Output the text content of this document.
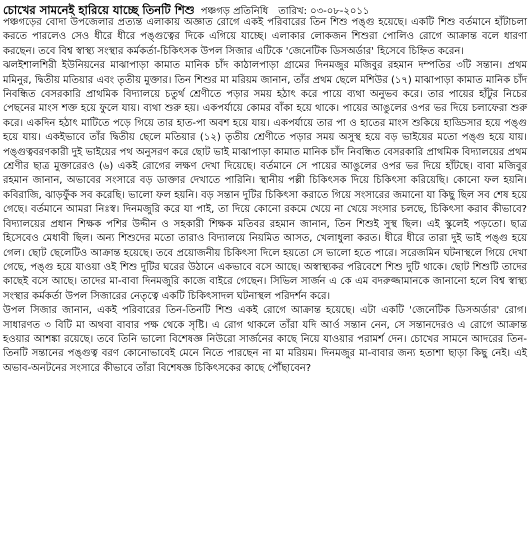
চোখের সামনেই হারিয়ে যাচ্ছে তিনটি শিশু পঞ্চগড় প্রতিনিধি তারিখ: ০৩-০৮-২০১১

পঞ্চগড়ের বোদা উপজেলার প্রত্যন্ত এলাকায় অজ্ঞাত রোগে একই পরিবারের তিন শিশু পঙ্গু হয়েছে। একটি শিশু বর্তমানে হাঁটাচলা করতে পারলেও সেও ধীরে ধীরে পঙ্গুত্বের দিকে এগিয়ে যাচ্ছে। এলাকার লোকজন শিশুরা পোলিও রোগে আক্রান্ত বলে ধারণা করছেন। তবে বিশ্ব স্বাস্থ্য সংস্থার কর্মকর্তা-চিকিৎসক উপল সিজার এটিকে 'জেনেটিক ডিসঅর্ডার' হিসেবে চিহ্নিত করেন।

ঝলইশালশিরী ইউনিয়নের মাঝাপাড়া কামাত মানিক চাঁদ কাঠালপাড়া গ্রামের দিনমজুর মজিবুর রহমান দম্পতির ৩টি সন্তান। প্রথম মমিনুর, দ্বিতীয় মতিয়ার এবং তৃতীয় মুক্তার। তিন শিশুর মা মরিয়ম জানান, তাঁর প্রথম ছেলে মশিউর (১৭) মাঝাপাড়া কামাত মানিক চাঁদ নিবন্ধিত বেসরকারি প্রাথমিক বিদ্যালয়ে চতুর্থ শ্রেণীতে পড়ার সময় হঠাৎ করে পায়ে ব্যথা অনুভব করে। তার পায়ের হাঁটুর নিচের পেছনের মাংস শক্ত হয়ে ফুলে যায়। ব্যথা শুরু হয়। একপর্যায়ে কোমর বাঁকা হয়ে থাকে। পায়ের আঙুলের ওপর ভর দিয়ে চলাফেরা শুরু করে। একদিন হঠাৎ মাটিতে পড়ে গিয়ে তার হাত-পা অবশ হয়ে যায়। একপর্যায়ে তার পা ও হাতের মাংস শুকিয়ে হাড্ডিসার হয়ে পঙ্গু হয়ে যায়। একইভাবে তাঁর দ্বিতীয় ছেলে মতিয়ার (১২) তৃতীয় শ্রেণীতে পড়ার সময় অসুস্থ হয়ে বড় ভাইয়ের মতো পঙ্গু হয়ে যায়। পঙ্গুত্ববরণকারী দুই ভাইয়ের পথ অনুসরণ করে ছোট ভাই মাঝাপাড়া কামাত মানিক চাঁদ নিবন্ধিত বেসরকারি প্রাথমিক বিদ্যালয়ের প্রথম শ্রেণীর ছাত্র মুক্তারেরও (৬) একই রোগের লক্ষণ দেখা দিয়েছে। বর্তমানে সে পায়ের আঙুলের ওপর ভর দিয়ে হাঁটছে। বাবা মজিবুর রহমান জানান, অভাবের সংসারে বড় ডাক্তার দেখাতে পারিনি। স্থানীয় পল্লী চিকিৎসক দিয়ে চিকিৎসা করিয়েছি। কোনো ফল হয়নি। কবিরাজি, ঝাড়ফুঁক সব করেছি। ভালো ফল হয়নি। বড় সন্তান দুটির চিকিৎসা করাতে গিয়ে সংসারের জমানো যা কিছু ছিল সব শেষ হয়ে গেছে। বর্তমানে আমরা নিঃস্ব। দিনমজুরি করে যা পাই, তা দিয়ে কোনো রকমে খেয়ে না খেয়ে সংসার চলছে, চিকিৎসা করাব কীভাবে? বিদ্যালয়ের প্রধান শিক্ষক পশির উদ্দীন ও সহকারী শিক্ষক মতিবর রহমান জানান, তিন শিশুই সুস্থ ছিল। এই স্কুলেই পড়তো। ছাত্র হিসেবেও মেধাবী ছিল। অন্য শিশুদের মতো তারাও বিদ্যালয়ে নিয়মিত আসত, খেলাধুলা করত। ধীরে ধীরে তারা দুই ভাই পঙ্গু হয়ে গেল। ছোট ছেলেটিও আক্রান্ত হয়েছে। তবে প্রয়োজনীয় চিকিৎসা দিলে হয়তো সে ভালো হতে পারে। সরেজমিন ঘটনাস্থলে গিয়ে দেখা গেছে, পঙ্গু হয়ে যাওয়া ওই শিশু দুটির ঘরের উঠানে একভাবে বসে আছে। অস্বাস্থ্যকর পরিবেশে শিশু দুটি থাকে। ছোট শিশুটি তাদের কাছেই বসে আছে। তাদের মা-বাবা দিনমজুরি কাজে বাইরে গেছেন। সিভিল সার্জন এ কে এম বদরুজ্জামানকে জানানো হলে বিশ্ব স্বাস্থ্য সংস্থার কর্মকর্তা উপল সিজারের নেতৃত্বে একটি চিকিৎসাদল ঘটনাস্থল পরিদর্শন করে।

উপল সিজার জানান, একই পরিবারের তিন-তিনটি শিশু একই রোগে আক্রান্ত হয়েছে। এটা একটি 'জেনেটিক ডিসঅর্ডার' রোগ। সাধারণত ৩ বিটি মা অথবা বাবার পক্ষ থেকে সৃষ্টি। এ রোগ থাকলে তাঁরা যদি আর্ও সন্তান নেন, সে সন্তানদেরও এ রোগে আক্রান্ত হওয়ার আশঙ্কা রয়েছে। তবে তিনি ভালো বিশেষজ্ঞ নিউরো সার্জনের কাছে নিয়ে যাওয়ার পরামর্শ দেন। চোখের সামনে আদরের তিন-তিনটি সন্তানের পঙ্গুত্ব বরণ কোনোভাবেই মেনে নিতে পারছেন না মা মরিয়ম। দিনমজুর মা-বাবার জন্য হতাশা ছাড়া কিছু নেই। এই অভাব-অনটনের সংসারে কীভাবে তাঁরা বিশেষজ্ঞ চিকিৎসকের কাছে পৌঁছাবেন?
